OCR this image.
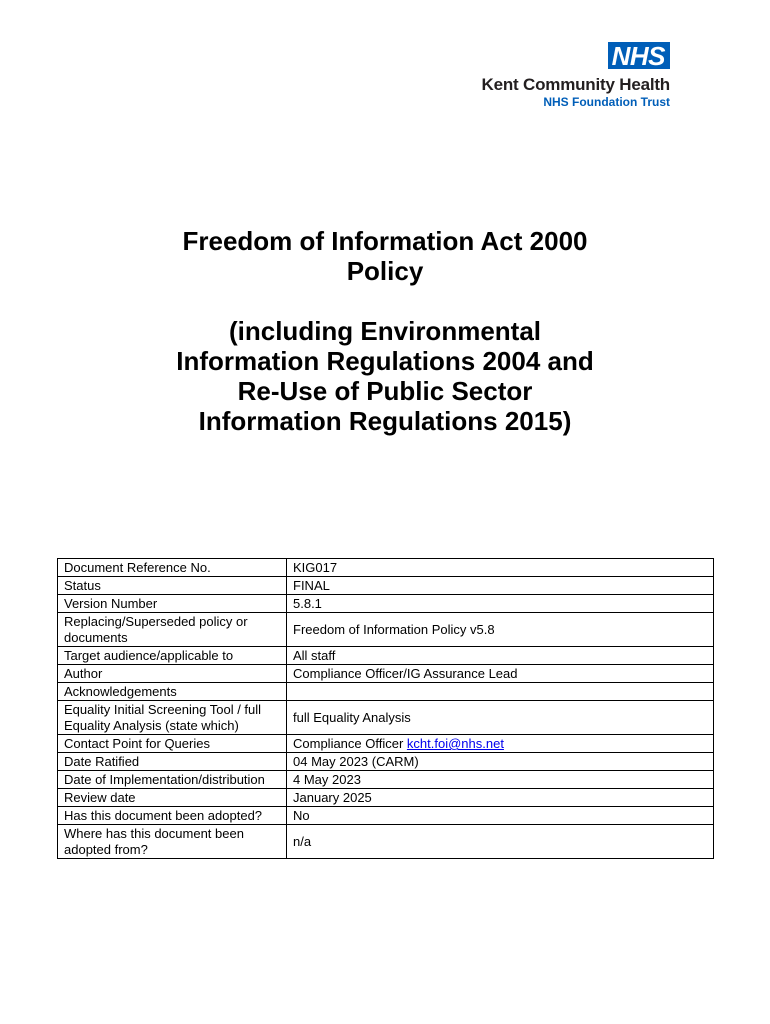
NHS
Kent Community Health
NHS Foundation Trust
Freedom of Information Act 2000
Policy
(including Environmental
Information Regulations 2004 and
Re-Use of Public Sector
Information Regulations 2015)
Document Reference No.	KIG017
Status	FINAL
Version Number	5.8.1
Replacing/Superseded policy or documents	Freedom of Information Policy v5.8
Target audience/applicable to	All staff
Author	Compliance Officer/IG Assurance Lead
Acknowledgements	
Equality Initial Screening Tool / full Equality Analysis (state which)	full Equality Analysis
Contact Point for Queries	Compliance Officer kcht.foi@nhs.net
Date Ratified	04 May 2023 (CARM)
Date of Implementation/distribution	4 May 2023
Review date	January 2025
Has this document been adopted?	No
Where has this document been adopted from?	n/a
